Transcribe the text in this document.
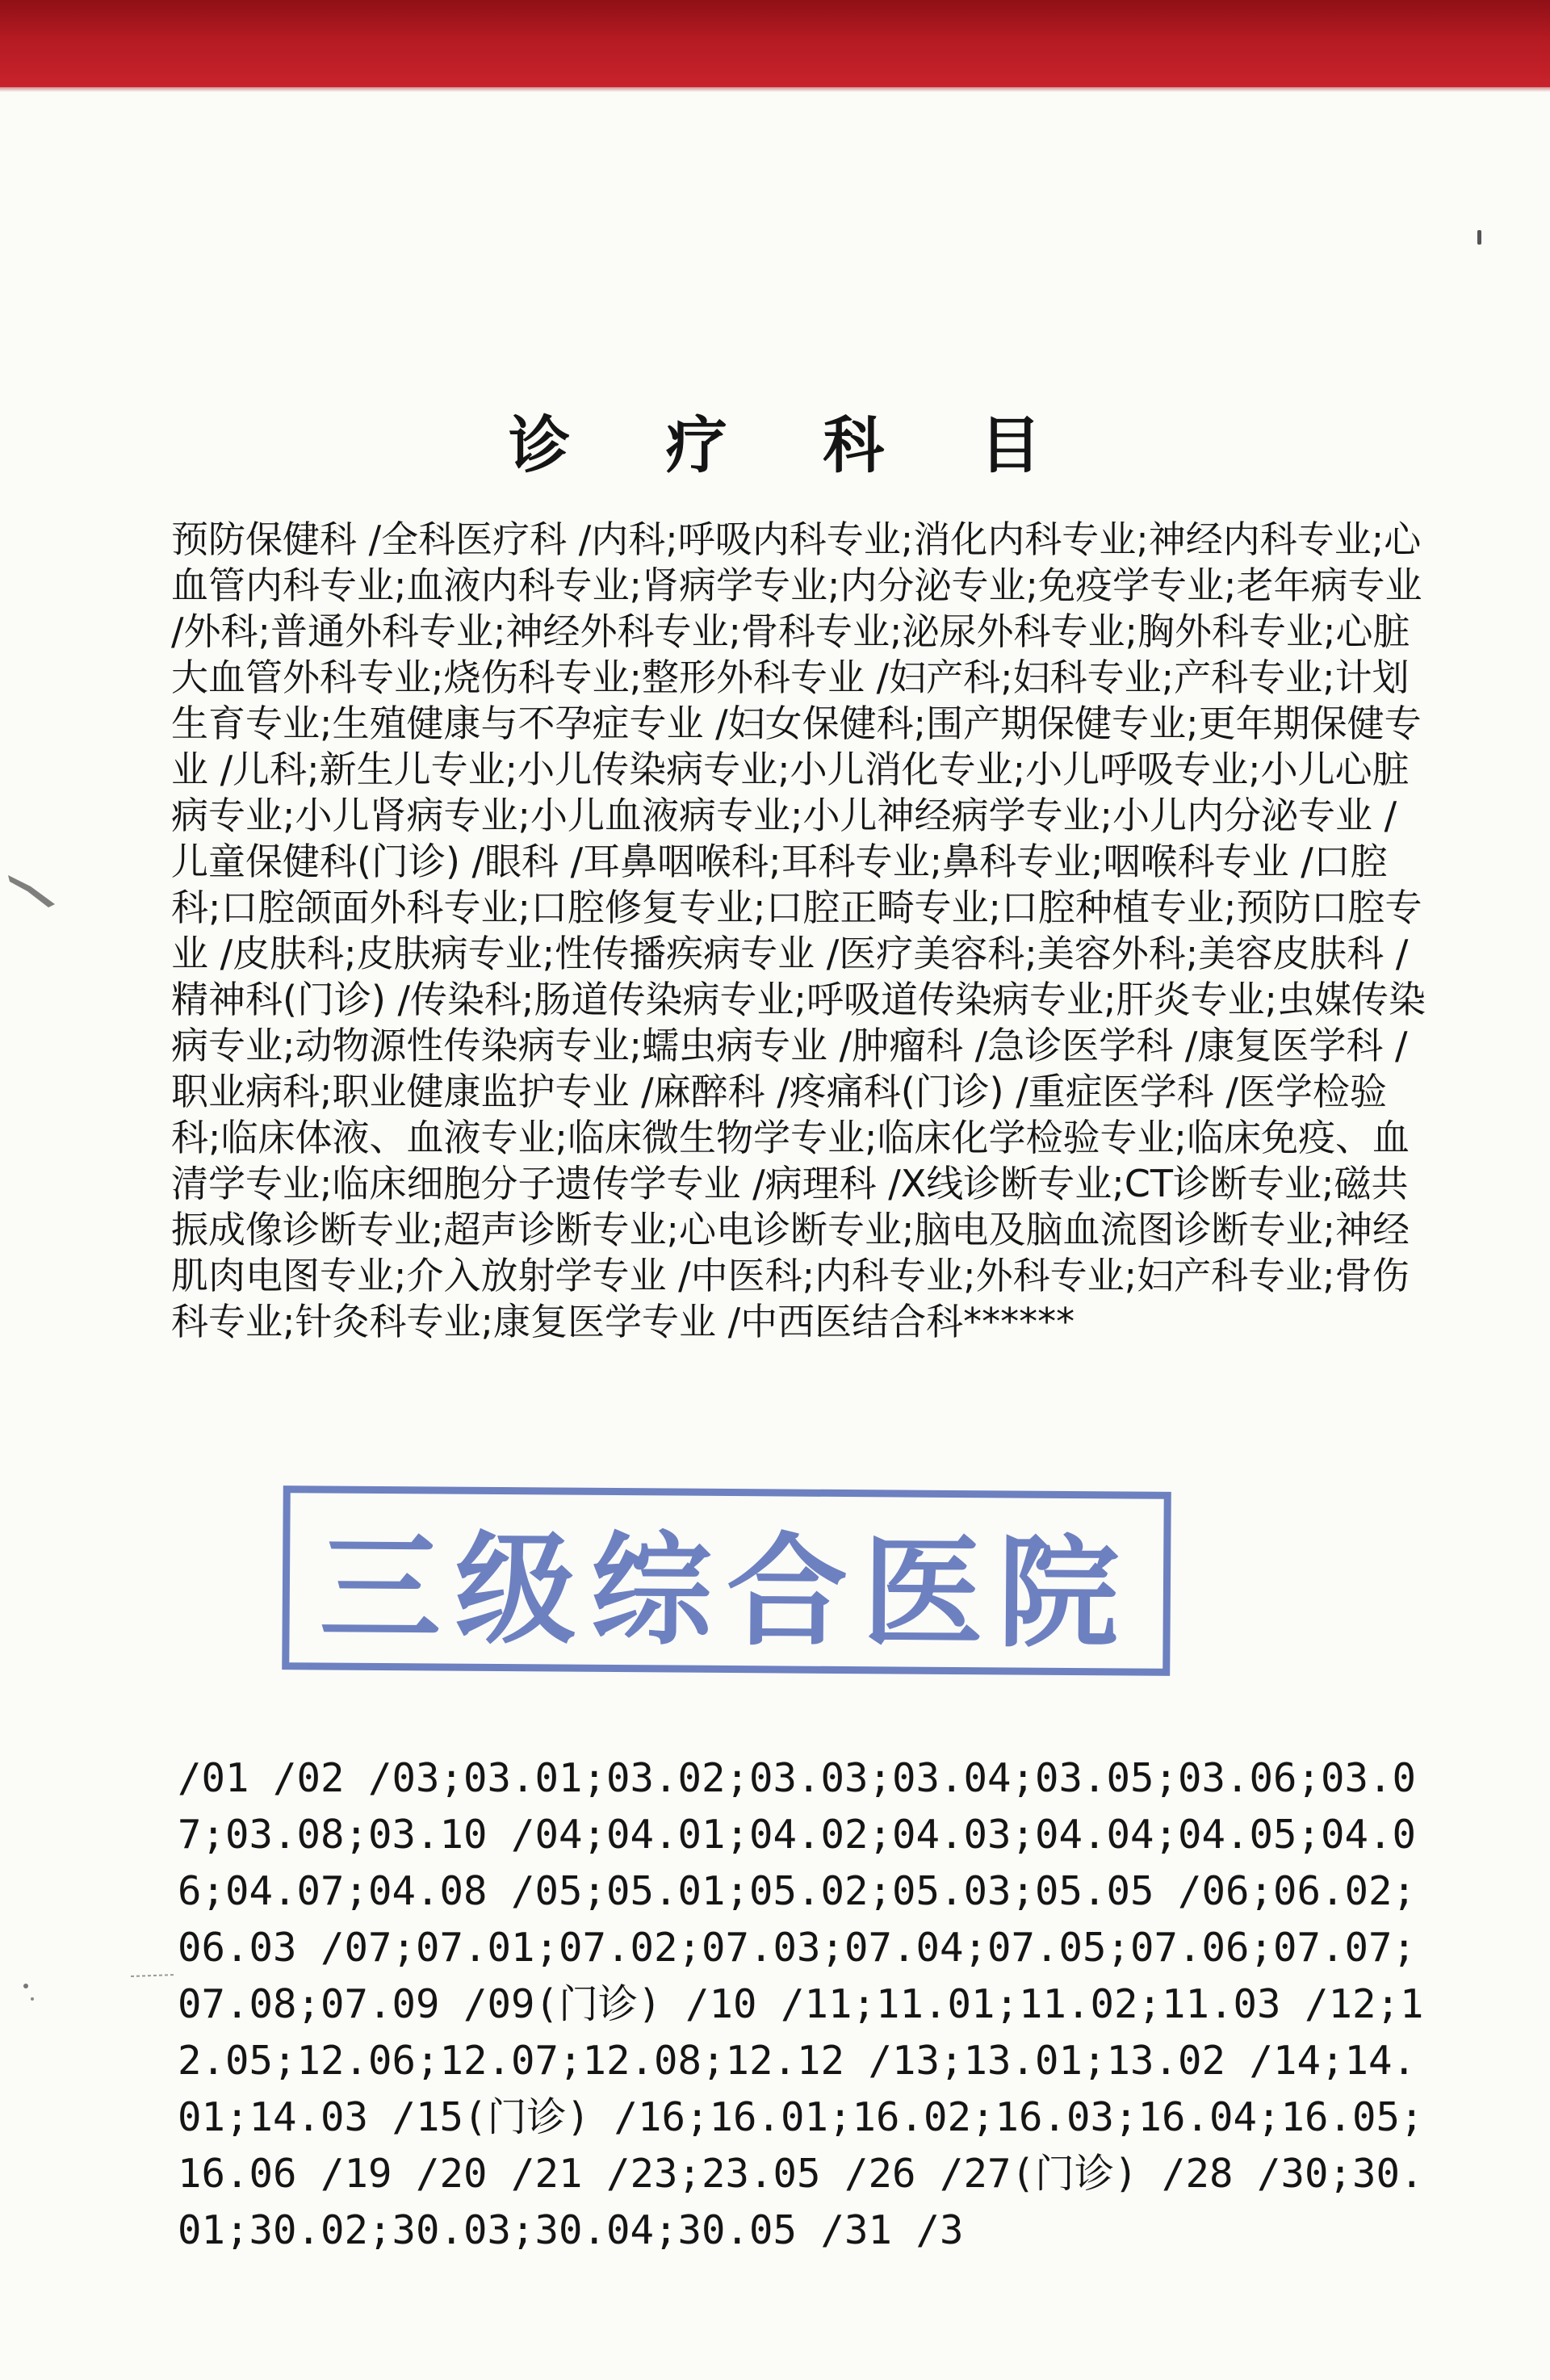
诊 疗 科 目
预防保健科 /全科医疗科 /内科;呼吸内科专业;消化内科专业;神经内科专业;心血管内科专业;血液内科专业;肾病学专业;内分泌专业;免疫学专业;老年病专业 /外科;普通外科专业;神经外科专业;骨科专业;泌尿外科专业;胸外科专业;心脏大血管外科专业;烧伤科专业;整形外科专业 /妇产科;妇科专业;产科专业;计划生育专业;生殖健康与不孕症专业 /妇女保健科;围产期保健专业;更年期保健专业 /儿科;新生儿专业;小儿传染病专业;小儿消化专业;小儿呼吸专业;小儿心脏病专业;小儿肾病专业;小儿血液病专业;小儿神经病学专业;小儿内分泌专业 /儿童保健科(门诊) /眼科 /耳鼻咽喉科;耳科专业;鼻科专业;咽喉科专业 /口腔科;口腔颌面外科专业;口腔修复专业;口腔正畸专业;口腔种植专业;预防口腔专业 /皮肤科;皮肤病专业;性传播疾病专业 /医疗美容科;美容外科;美容皮肤科 /精神科(门诊) /传染科;肠道传染病专业;呼吸道传染病专业;肝炎专业;虫媒传染病专业;动物源性传染病专业;蠕虫病专业 /肿瘤科 /急诊医学科 /康复医学科 /职业病科;职业健康监护专业 /麻醉科 /疼痛科(门诊) /重症医学科 /医学检验科;临床体液、血液专业;临床微生物学专业;临床化学检验专业;临床免疫、血清学专业;临床细胞分子遗传学专业 /病理科 /X线诊断专业;CT诊断专业;磁共振成像诊断专业;超声诊断专业;心电诊断专业;脑电及脑血流图诊断专业;神经肌肉电图专业;介入放射学专业 /中医科;内科专业;外科专业;妇产科专业;骨伤科专业;针灸科专业;康复医学专业 /中西医结合科******
三级综合医院
/01 /02 /03;03.01;03.02;03.03;03.04;03.05;03.06;03.07;03.08;03.10 /04;04.01;04.02;04.03;04.04;04.05;04.06;04.07;04.08 /05;05.01;05.02;05.03;05.05 /06;06.02;06.03 /07;07.01;07.02;07.03;07.04;07.05;07.06;07.07;07.08;07.09 /09(门诊) /10 /11;11.01;11.02;11.03 /12;12.05;12.06;12.07;12.08;12.12 /13;13.01;13.02 /14;14.01;14.03 /15(门诊) /16;16.01;16.02;16.03;16.04;16.05;16.06 /19 /20 /21 /23;23.05 /26 /27(门诊) /28 /30;30.01;30.02;30.03;30.04;30.05 /31 /3
